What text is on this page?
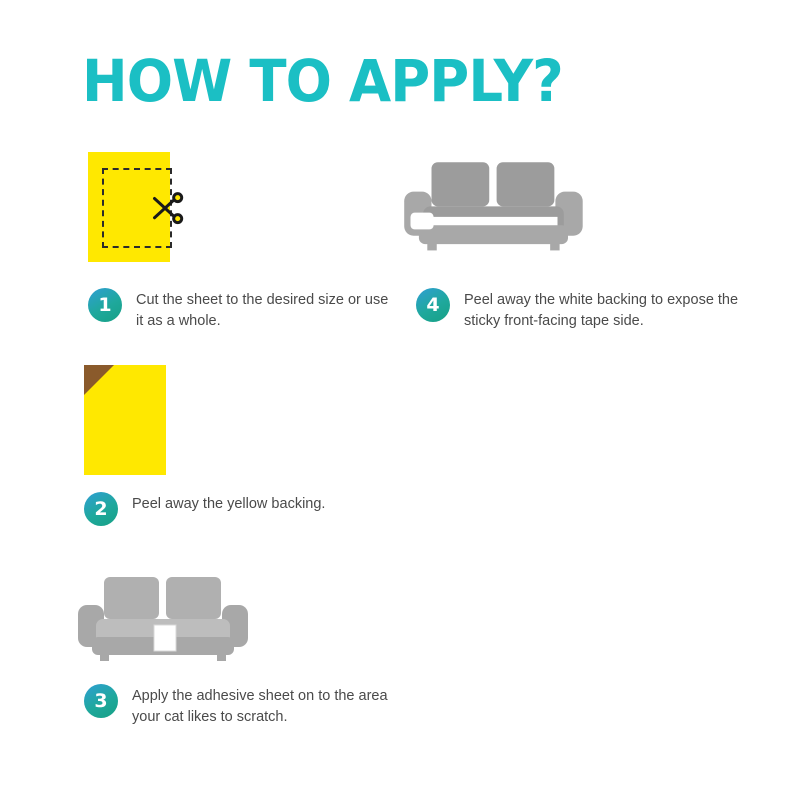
HOW TO APPLY?
1	Cut the sheet to the desired size or use it as a whole.
2	Peel away the yellow backing.
3	Apply the adhesive sheet on to the area your cat likes to scratch.
4	Peel away the white backing to expose the sticky front-facing tape side.
